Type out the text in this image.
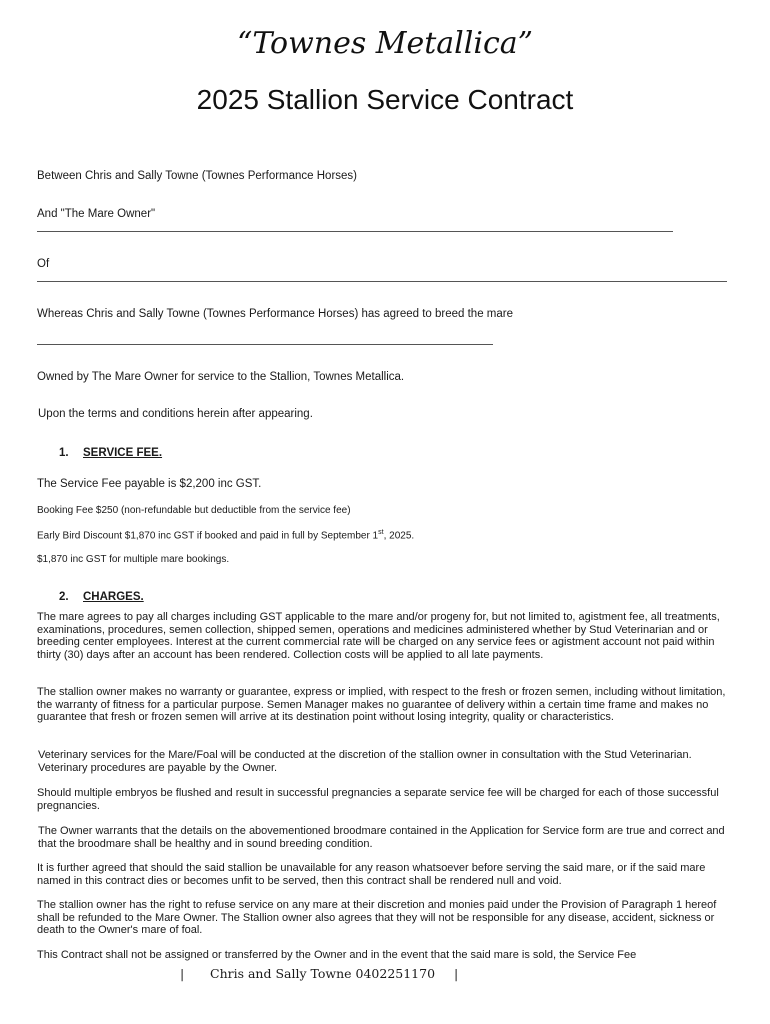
“Townes Metallica”
2025 Stallion Service Contract
Between Chris and Sally Towne (Townes Performance Horses)
And "The Mare Owner"
Of
Whereas Chris and Sally Towne (Townes Performance Horses) has agreed to breed the mare
Owned by The Mare Owner for service to the Stallion, Townes Metallica.
Upon the terms and conditions herein after appearing.
1. SERVICE FEE.
The Service Fee payable is $2,200 inc GST.
Booking Fee $250 (non-refundable but deductible from the service fee)
Early Bird Discount $1,870 inc GST if booked and paid in full by September 1st, 2025.
$1,870 inc GST for multiple mare bookings.
2. CHARGES.

The mare agrees to pay all charges including GST applicable to the mare and/or progeny for, but not limited to, agistment fee, all treatments, examinations, procedures, semen collection, shipped semen, operations and medicines administered whether by Stud Veterinarian and or breeding center employees. Interest at the current commercial rate will be charged on any service fees or agistment account not paid within thirty (30) days after an account has been rendered. Collection costs will be applied to all late payments.

The stallion owner makes no warranty or guarantee, express or implied, with respect to the fresh or frozen semen, including without limitation, the warranty of fitness for a particular purpose. Semen Manager makes no guarantee of delivery within a certain time frame and makes no guarantee that fresh or frozen semen will arrive at its destination point without losing integrity, quality or characteristics.

Veterinary services for the Mare/Foal will be conducted at the discretion of the stallion owner in consultation with the Stud Veterinarian. Veterinary procedures are payable by the Owner.

Should multiple embryos be flushed and result in successful pregnancies a separate service fee will be charged for each of those successful pregnancies.

The Owner warrants that the details on the abovementioned broodmare contained in the Application for Service form are true and correct and that the broodmare shall be healthy and in sound breeding condition.

It is further agreed that should the said stallion be unavailable for any reason whatsoever before serving the said mare, or if the said mare named in this contract dies or becomes unfit to be served, then this contract shall be rendered null and void.

The stallion owner has the right to refuse service on any mare at their discretion and monies paid under the Provision of Paragraph 1 hereof shall be refunded to the Mare Owner. The Stallion owner also agrees that they will not be responsible for any disease, accident, sickness or death to the Owner's mare of foal.

This Contract shall not be assigned or transferred by the Owner and in the event that the said mare is sold, the Service Fee

| Chris and Sally Towne 0402251170 |
